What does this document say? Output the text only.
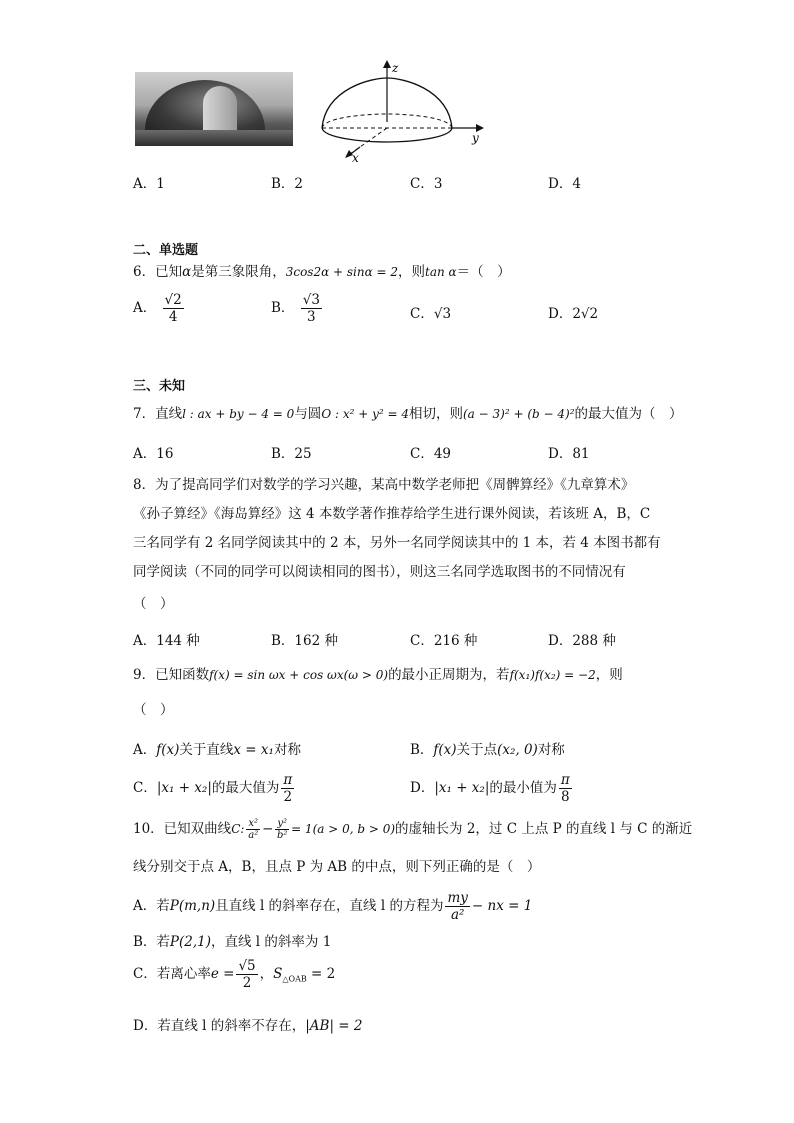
z
y
x
A．1	B．2	C．3	D．4
二、单选题
6．已知α是第三象限角，3cos2α + sinα = 2，则tan α＝（　）
A． $\frac{√2}{4}$	B． $\frac{√3}{3}$	C．√3	D．2√2
三、未知
7．直线l : ax + by − 4 = 0与圆O : x² + y² = 4相切，则(a − 3)² + (b − 4)²的最大值为（　）
A．16	B．25	C．49	D．81
8．为了提高同学们对数学的学习兴趣，某高中数学老师把《周髀算经》《九章算术》
《孙子算经》《海岛算经》这 4 本数学著作推荐给学生进行课外阅读，若该班 A，B，C
三名同学有 2 名同学阅读其中的 2 本，另外一名同学阅读其中的 1 本，若 4 本图书都有
同学阅读（不同的同学可以阅读相同的图书），则这三名同学选取图书的不同情况有
（　）
A．144 种	B．162 种	C．216 种	D．288 种
9．已知函数f(x) = sin ωx + cos ωx(ω > 0)的最小正周期为，若f(x₁)f(x₂) = −2，则
（　）
A．f(x)关于直线x = x₁对称	B．f(x)关于点(x₂, 0)对称
C．|x₁ + x₂|的最大值为 $\frac{\pi}{2}$	D．|x₁ + x₂|的最小值为 $\frac{\pi}{8}$
10．已知双曲线C: $\frac{\text{x²}}{\text{a²}} - \frac{\text{y²}}{\text{b²}} = 1(a > 0$, b > 0)的虚轴长为 2，过 C 上点 P 的直线 l 与 C 的渐近
线分别交于点 A，B，且点 P 为 AB 的中点，则下列正确的是（　）
A．若P(m,n)且直线 l 的斜率存在，直线 l 的方程为 $\frac{my}{\text{a²}}$ − nx = 1
B．若P(2,1)，直线 l 的斜率为 1
C．若离心率$e = \frac{√5}{2}$ ，$S_{\triangle OAB} = 2$
D．若直线 l 的斜率不存在，|AB| = 2
